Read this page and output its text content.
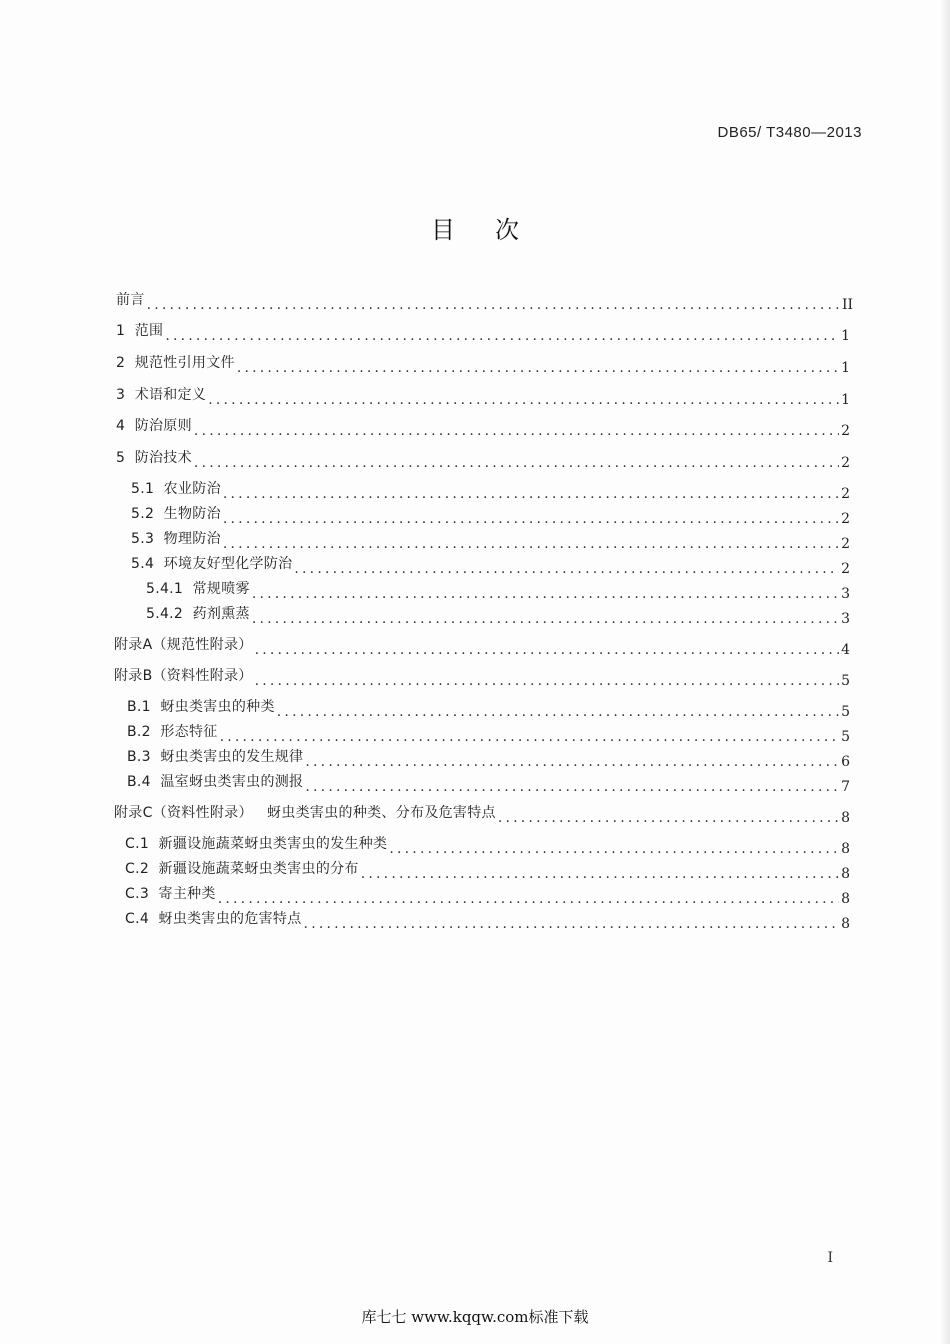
DB65/ T3480—2013
目次
前言 .....	II
1  范围 .....	1
2  规范性引用文件 .....	1
3  术语和定义 .....	1
4  防治原则 .....	2
5  防治技术 .....	2
5.1  农业防治 .....	2
5.2  生物防治 .....	2
5.3  物理防治 .....	2
5.4  环境友好型化学防治 .....	2
5.4.1  常规喷雾 .....	3
5.4.2  药剂熏蒸 .....	3
附录A（规范性附录） .....	4
附录B（资料性附录） .....	5
B.1  蚜虫类害虫的种类 .....	5
B.2  形态特征 .....	5
B.3  蚜虫类害虫的发生规律 .....	6
B.4  温室蚜虫类害虫的测报 .....	7
附录C（资料性附录）   蚜虫类害虫的种类、分布及危害特点 .....	8
C.1  新疆设施蔬菜蚜虫类害虫的发生种类 .....	8
C.2  新疆设施蔬菜蚜虫类害虫的分布 .....	8
C.3  寄主种类 .....	8
C.4  蚜虫类害虫的危害特点 .....	8
I
库七七 www.kqqw.com标准下载
